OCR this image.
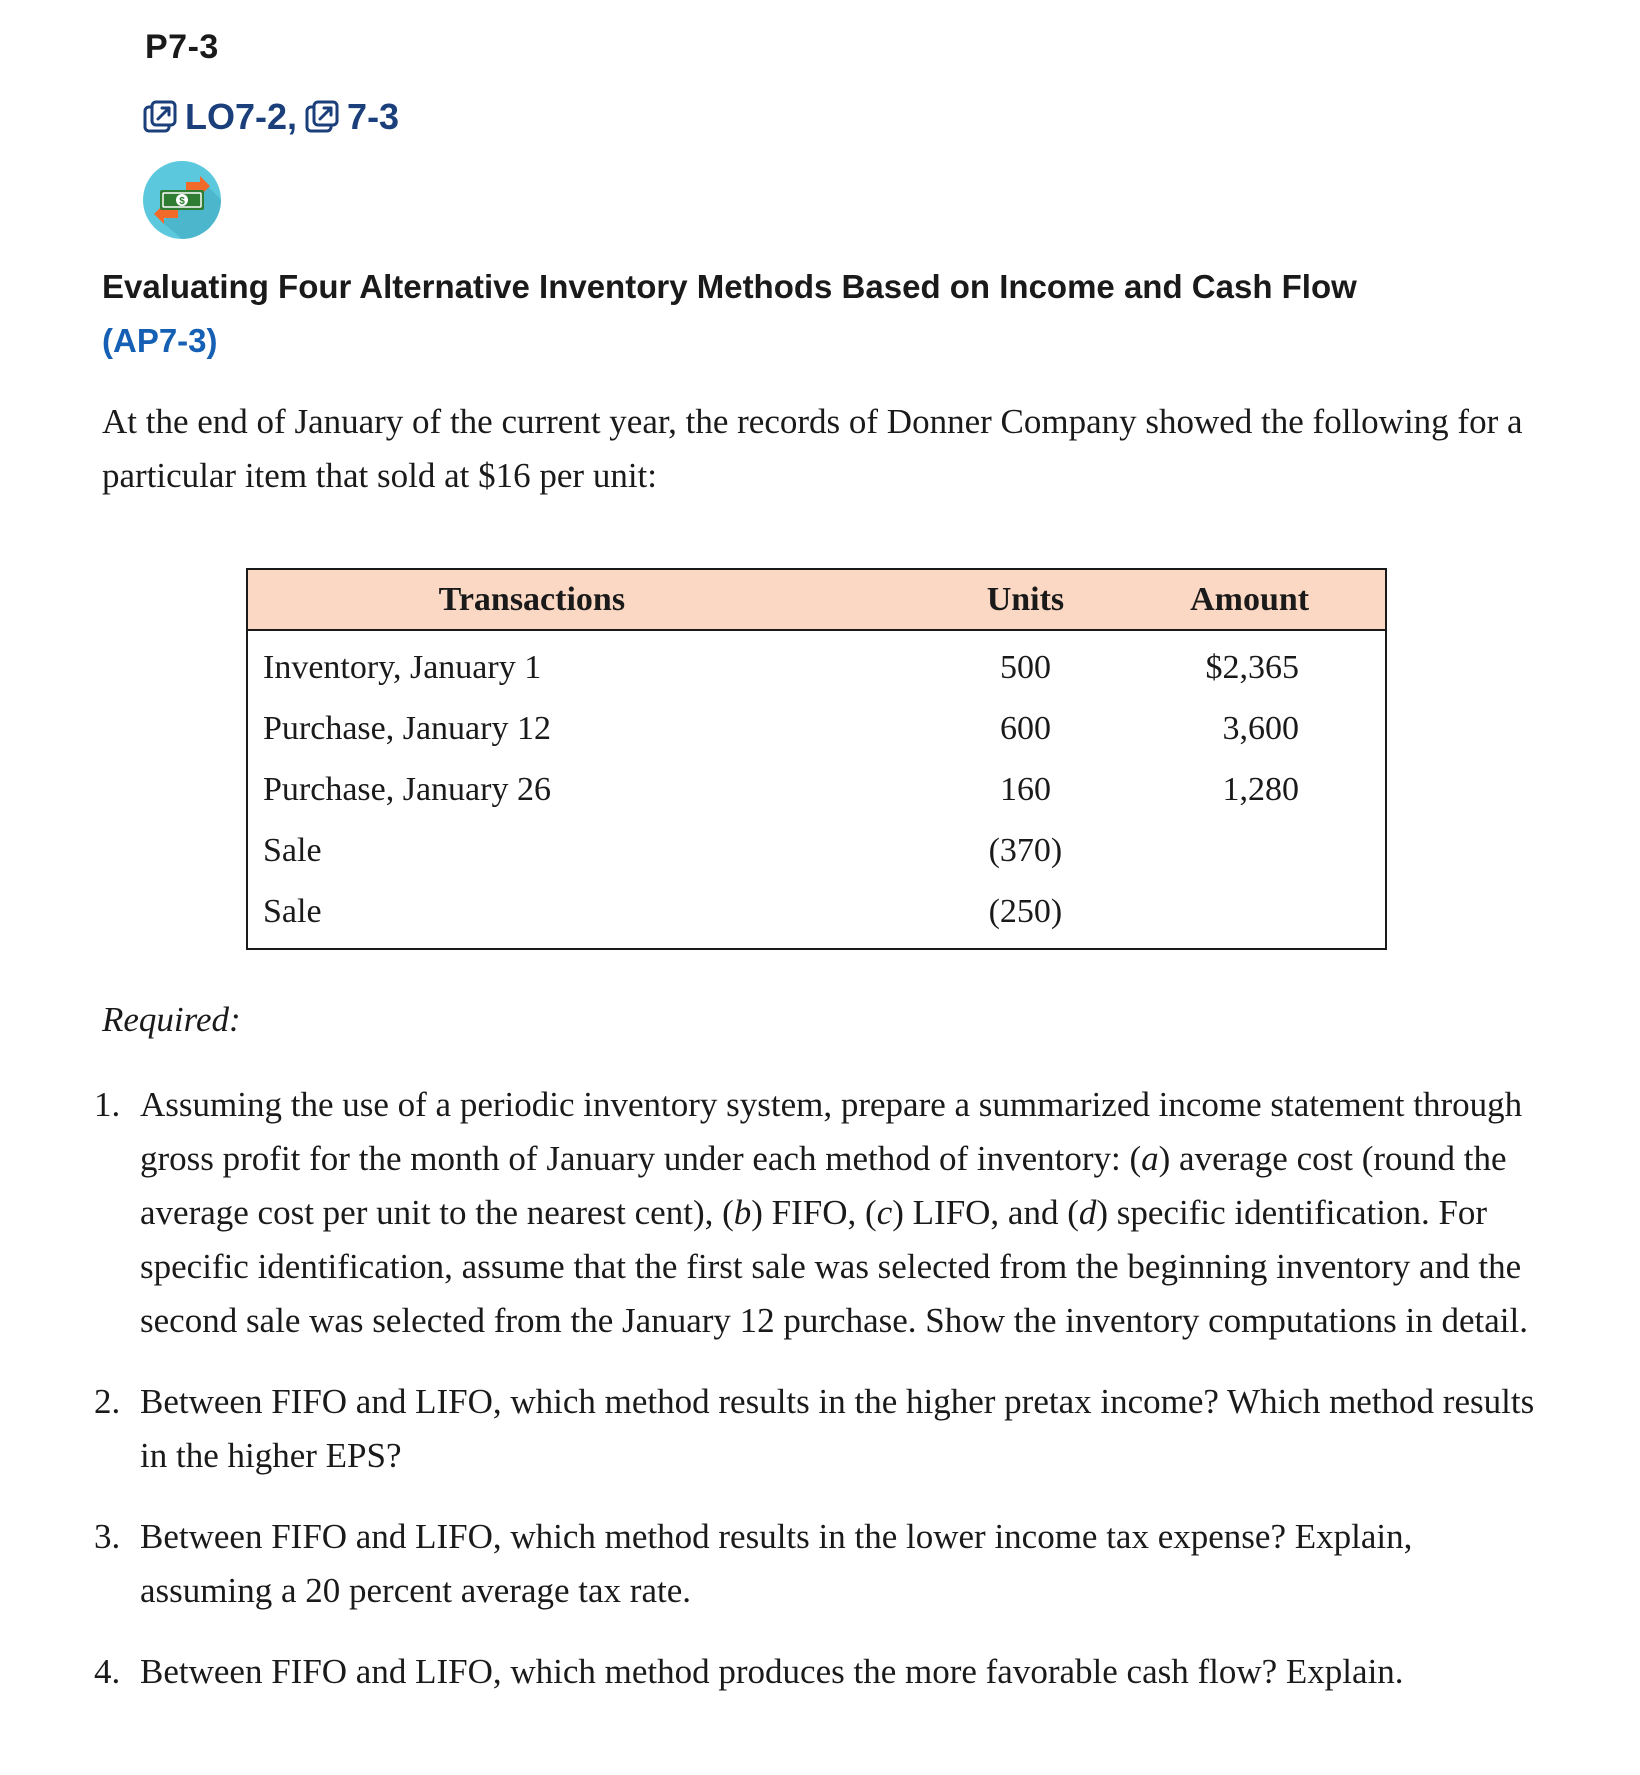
P7-3
LO7-2 , 7-3
$
Evaluating Four Alternative Inventory Methods Based on Income and Cash Flow
(AP7-3)
At the end of January of the current year, the records of Donner Company showed the following for a particular item that sold at $16 per unit:
Transactions	Units	Amount
Inventory, January 1	500	$2,365
Purchase, January 12	600	3,600
Purchase, January 26	160	1,280
Sale	(370)	
Sale	(250)	
Required:
1. Assuming the use of a periodic inventory system, prepare a summarized income statement through gross profit for the month of January under each method of inventory: (a) average cost (round the average cost per unit to the nearest cent), (b) FIFO, (c) LIFO, and (d) specific identification. For specific identification, assume that the first sale was selected from the beginning inventory and the second sale was selected from the January 12 purchase. Show the inventory computations in detail.
2. Between FIFO and LIFO, which method results in the higher pretax income? Which method results in the higher EPS?
3. Between FIFO and LIFO, which method results in the lower income tax expense? Explain, assuming a 20 percent average tax rate.
4. Between FIFO and LIFO, which method produces the more favorable cash flow? Explain.
